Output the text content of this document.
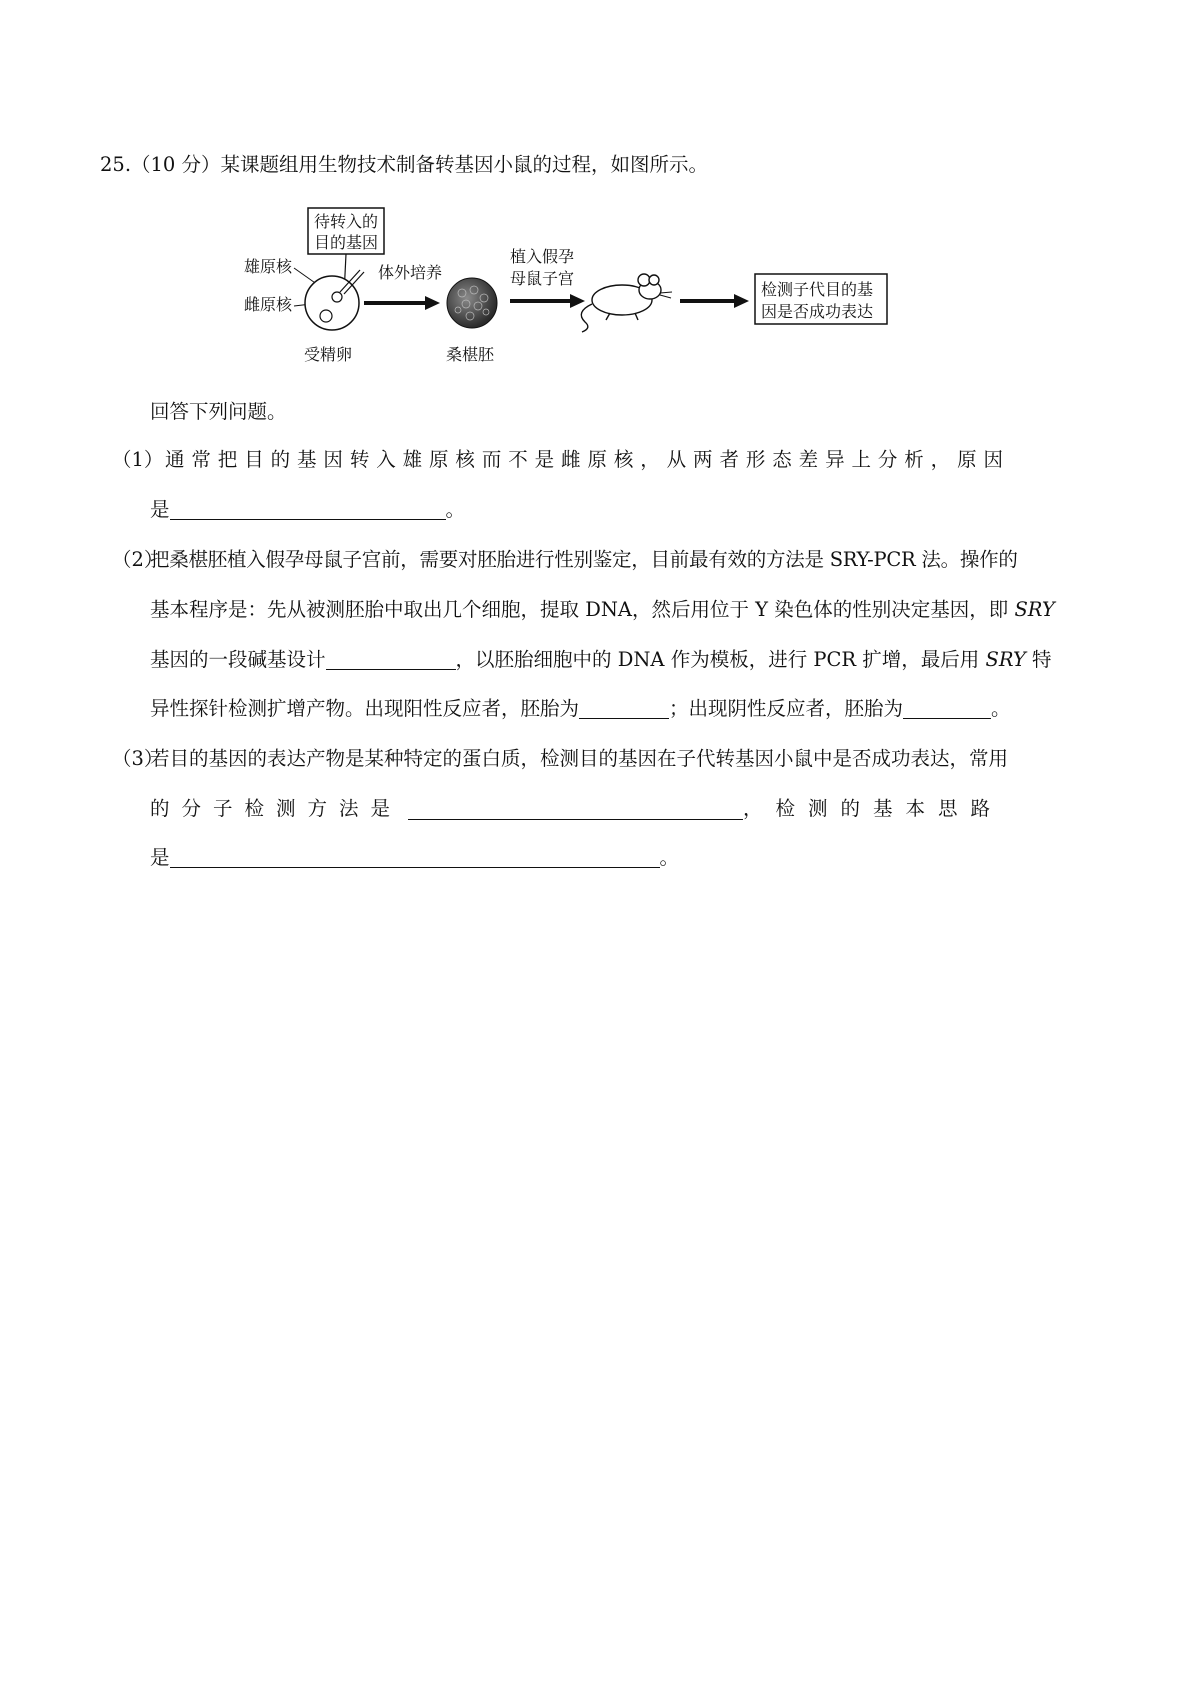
25.（10 分）某课题组用生物技术制备转基因小鼠的过程，如图所示。
待转入的
目的基因
雄原核
雌原核
受精卵
体外培养
桑椹胚
植入假孕
母鼠子宫
检测子代目的基
因是否成功表达
回答下列问题。
（1） 通常把目的基因转入雄原核而不是雌原核，从两者形态差异上分析，原因
是	。
（2）
把桑椹胚植入假孕母鼠子宫前，需要对胚胎进行性别鉴定，目前最有效的方法是 SRY-PCR 法。操作的
基本程序是：先从被测胚胎中取出几个细胞，提取 DNA，然后用位于 Y 染色体的性别决定基因，即 SRY
基因的一段碱基设计	，以胚胎细胞中的 DNA 作为模板，进行 PCR 扩增，最后用 SRY 特
异性探针检测扩增产物。出现阳性反应者，胚胎为	；出现阴性反应者，胚胎为	。
（3）
若目的基因的表达产物是某种特定的蛋白质，检测目的基因在子代转基因小鼠中是否成功表达，常用
的分子检测方法是	，检测的基本思路
是	。
